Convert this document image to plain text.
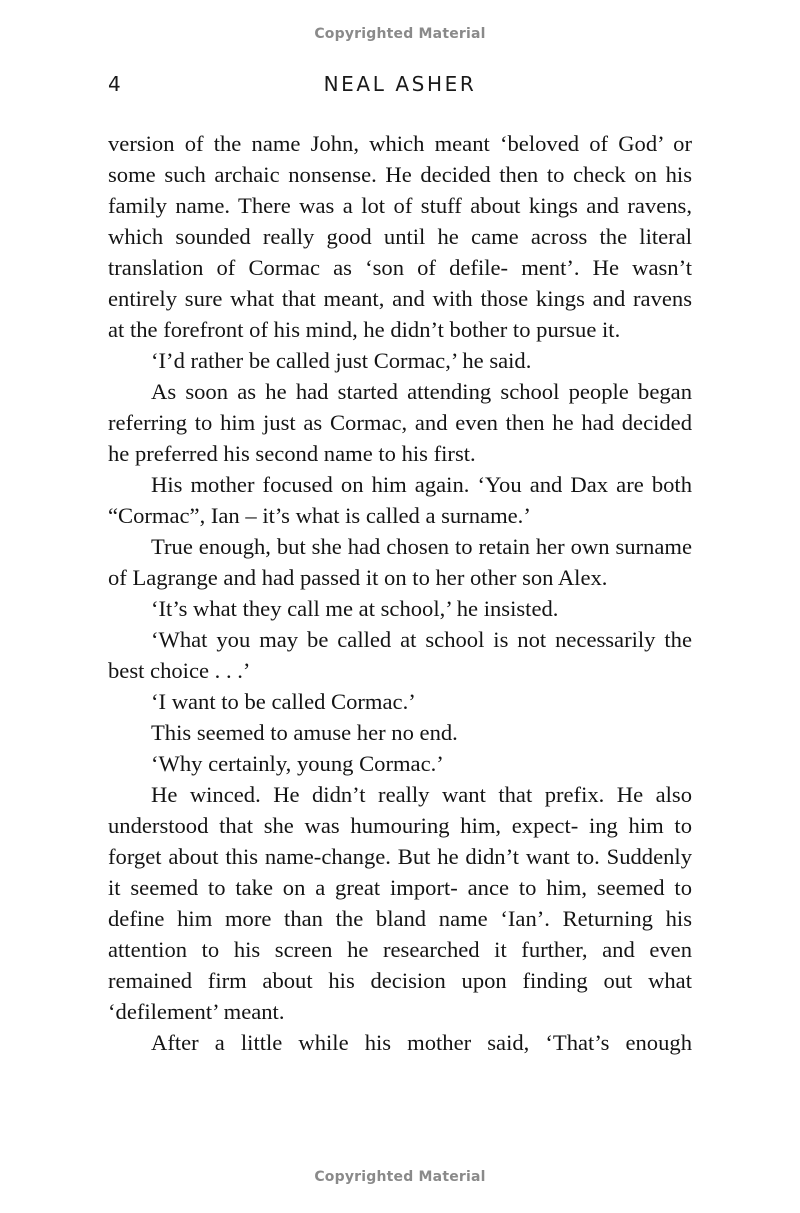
Copyrighted Material
4	NEAL ASHER

version of the name John, which meant ‘beloved of God’ or some such archaic nonsense. He decided then to check on his family name. There was a lot of stuff about kings and ravens, which sounded really good until he came across the literal translation of Cormac as ‘son of defile- ment’. He wasn’t entirely sure what that meant, and with those kings and ravens at the forefront of his mind, he didn’t bother to pursue it.

‘I’d rather be called just Cormac,’ he said.

As soon as he had started attending school people began referring to him just as Cormac, and even then he had decided he preferred his second name to his first.

His mother focused on him again. ‘You and Dax are both “Cormac”, Ian – it’s what is called a surname.’

True enough, but she had chosen to retain her own surname of Lagrange and had passed it on to her other son Alex.

‘It’s what they call me at school,’ he insisted.

‘What you may be called at school is not necessarily the best choice . . .’

‘I want to be called Cormac.’

This seemed to amuse her no end.

‘Why certainly, young Cormac.’

He winced. He didn’t really want that prefix. He also understood that she was humouring him, expect- ing him to forget about this name-change. But he didn’t want to. Suddenly it seemed to take on a great import- ance to him, seemed to define him more than the bland name ‘Ian’. Returning his attention to his screen he researched it further, and even remained firm about his decision upon finding out what ‘defilement’ meant.

After a little while his mother said, ‘That’s enough

Copyrighted Material
